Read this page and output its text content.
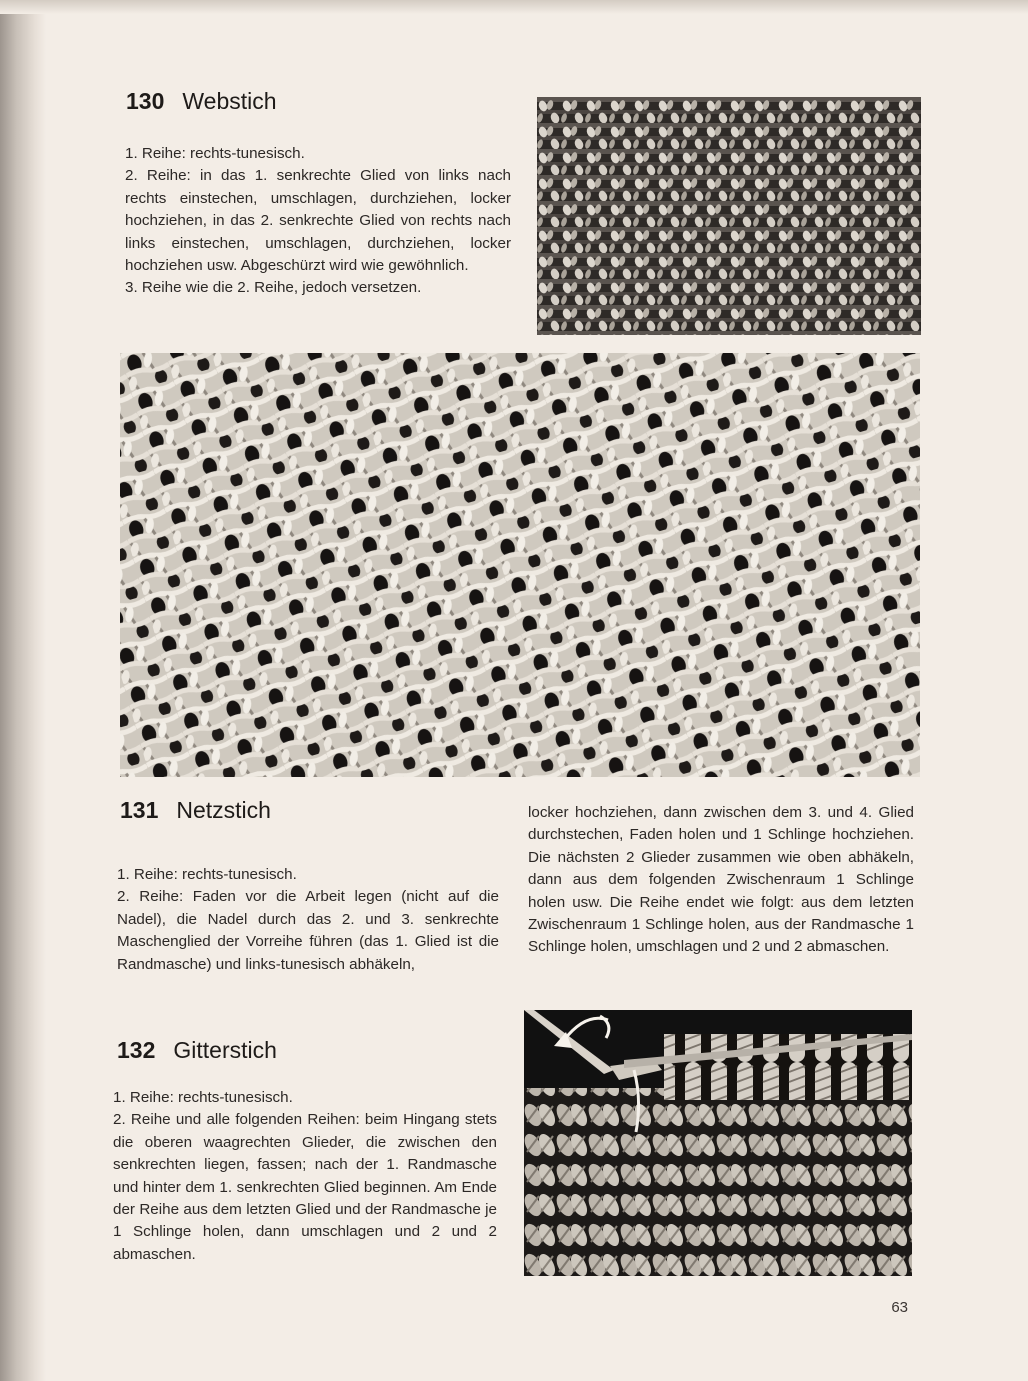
130 Webstich

1. Reihe: rechts-tunesisch.

2. Reihe: in das 1. senkrechte Glied von links nach rechts einstechen, umschlagen, durchziehen, locker hochziehen, in das 2. senkrechte Glied von rechts nach links einstechen, umschlagen, durchziehen, locker hochziehen usw. Abgeschürzt wird wie gewöhnlich.

3. Reihe wie die 2. Reihe, jedoch versetzen.

131 Netzstich

1. Reihe: rechts-tunesisch.

2. Reihe: Faden vor die Arbeit legen (nicht auf die Nadel), die Nadel durch das 2. und 3. senkrechte Maschenglied der Vorreihe führen (das 1. Glied ist die Randmasche) und links-tunesisch abhäkeln,

locker hochziehen, dann zwischen dem 3. und 4. Glied durchstechen, Faden holen und 1 Schlinge hochziehen. Die nächsten 2 Glieder zusammen wie oben abhäkeln, dann aus dem folgenden Zwischenraum 1 Schlinge holen usw. Die Reihe endet wie folgt: aus dem letzten Zwischenraum 1 Schlinge holen, aus der Randmasche 1 Schlinge holen, umschlagen und 2 und 2 abmaschen.

132 Gitterstich

1. Reihe: rechts-tunesisch.

2. Reihe und alle folgenden Reihen: beim Hingang stets die oberen waagrechten Glieder, die zwischen den senkrechten liegen, fassen; nach der 1. Randmasche und hinter dem 1. senkrechten Glied beginnen. Am Ende der Reihe aus dem letzten Glied und der Randmasche je 1 Schlinge holen, dann umschlagen und 2 und 2 abmaschen.

63
